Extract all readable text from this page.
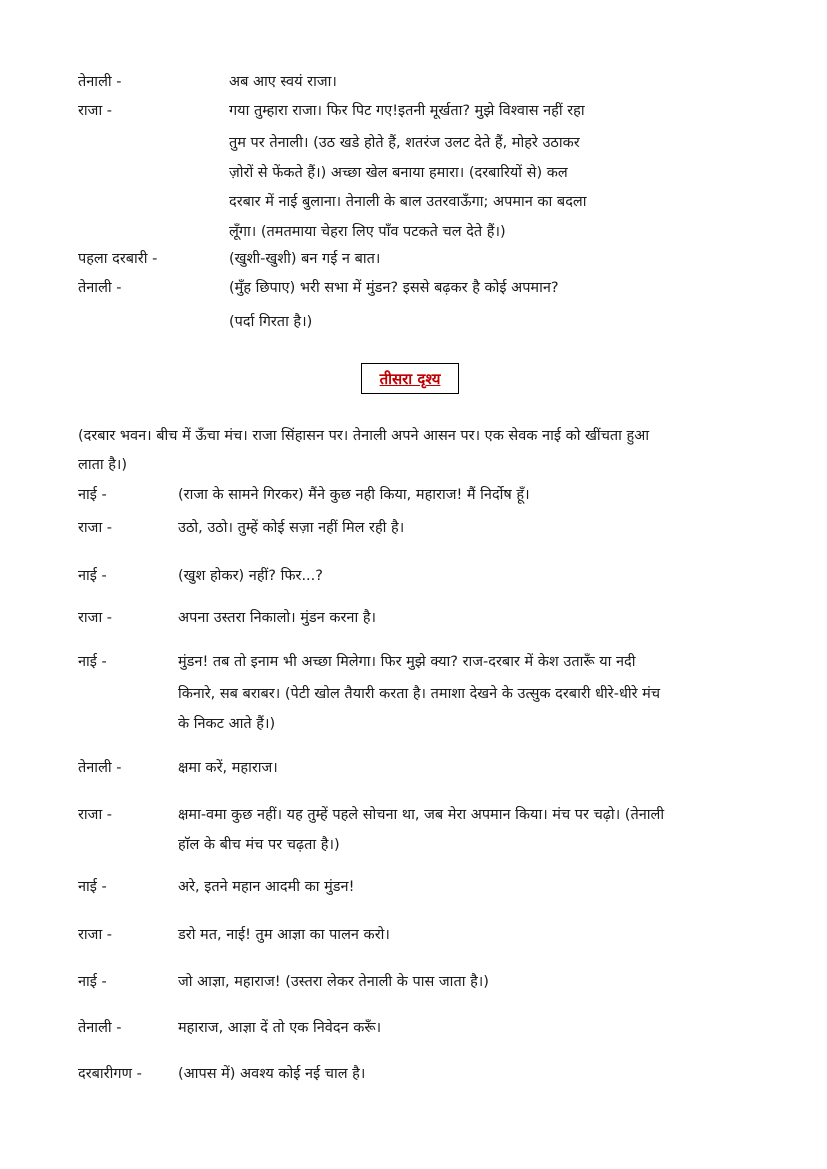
तेनाली -	अब आए स्वयं राजा।
राजा -	गया तुम्हारा राजा। फिर पिट गए!इतनी मूर्खता? मुझे विश्वास नहीं रहा
तुम पर तेनाली। (उठ खडे होते हैं, शतरंज उलट देते हैं, मोहरे उठाकर
ज़ोरों से फेंकते हैं।) अच्छा खेल बनाया हमारा। (दरबारियों से) कल
दरबार में नाई बुलाना। तेनाली के बाल उतरवाऊँगा; अपमान का बदला
लूँगा। (तमतमाया चेहरा लिए पाँव पटकते चल देते हैं।)
पहला दरबारी -	(खुशी-खुशी) बन गई न बात।
तेनाली -	(मुँह छिपाए) भरी सभा में मुंडन? इससे बढ़कर है कोई अपमान?
(पर्दा गिरता है।)
तीसरा दृश्य
(दरबार भवन। बीच में ऊँचा मंच। राजा सिंहासन पर। तेनाली अपने आसन पर। एक सेवक नाई को खींचता हुआ
लाता है।)
नाई -	(राजा के सामने गिरकर) मैंने कुछ नही किया, महाराज! मैं निर्दोष हूँ।
राजा -	उठो, उठो। तुम्हें कोई सज़ा नहीं मिल रही है।
नाई -	(खुश होकर) नहीं? फिर...?
राजा -	अपना उस्तरा निकालो। मुंडन करना है।
नाई -	मुंडन! तब तो इनाम भी अच्छा मिलेगा। फिर मुझे क्या? राज-दरबार में केश उतारूँ या नदी
किनारे, सब बराबर। (पेटी खोल तैयारी करता है। तमाशा देखने के उत्सुक दरबारी धीरे-धीरे मंच
के निकट आते हैं।)
तेनाली -	क्षमा करें, महाराज।
राजा -	क्षमा-वमा कुछ नहीं। यह तुम्हें पहले सोचना था, जब मेरा अपमान किया। मंच पर चढ़ो। (तेनाली
हाॅल के बीच मंच पर चढ़ता है।)
नाई -	अरे, इतने महान आदमी का मुंडन!
राजा -	डरो मत, नाई! तुम आज्ञा का पालन करो।
नाई -	जो आज्ञा, महाराज! (उस्तरा लेकर तेनाली के पास जाता है।)
तेनाली -	महाराज, आज्ञा दें तो एक निवेदन करूँ।
दरबारीगण - (आपस में) अवश्य कोई नई चाल है।
